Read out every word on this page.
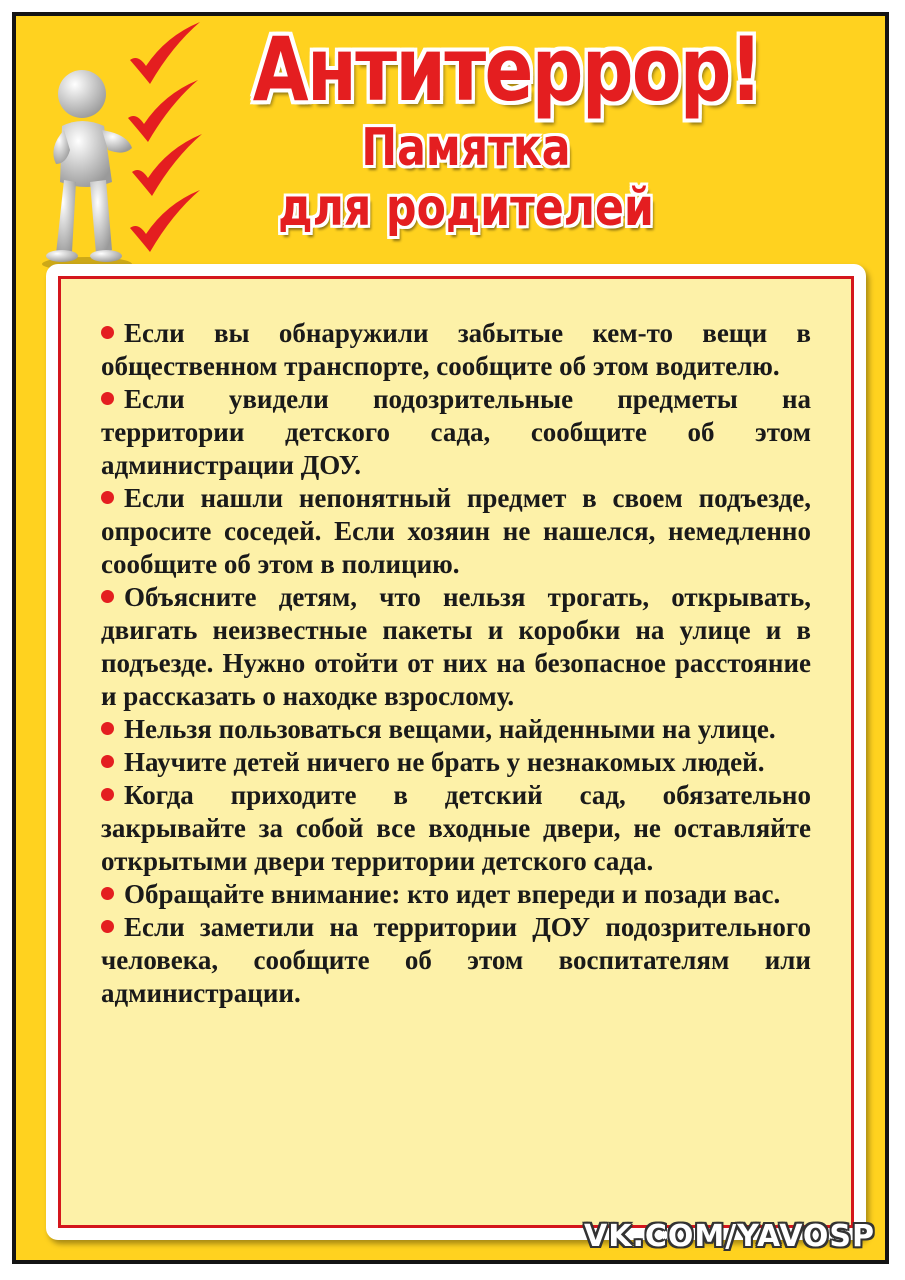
Антитеррор!
Памятка
для родителей
Если вы обнаружили забытые кем-то вещи в общественном транспорте, сообщите об этом водителю.
Если увидели подозрительные предметы на территории детского сада, сообщите об этом администрации ДОУ.
Если нашли непонятный предмет в своем подъезде, опросите соседей. Если хозяин не нашелся, немедленно сообщите об этом в полицию.
Объясните детям, что нельзя трогать, открывать, двигать неизвестные пакеты и коробки на улице и в подъезде. Нужно отойти от них на безопасное расстояние и рассказать о находке взрослому.
Нельзя пользоваться вещами, найденными на улице.
Научите детей ничего не брать у незнакомых людей.
Когда приходите в детский сад, обязательно закрывайте за собой все входные двери, не оставляйте открытыми двери территории детского сада.
Обращайте внимание: кто идет впереди и позади вас.
Если заметили на территории ДОУ подозрительного человека, сообщите об этом воспитателям или администрации.
VK.COM/YAVOSP
